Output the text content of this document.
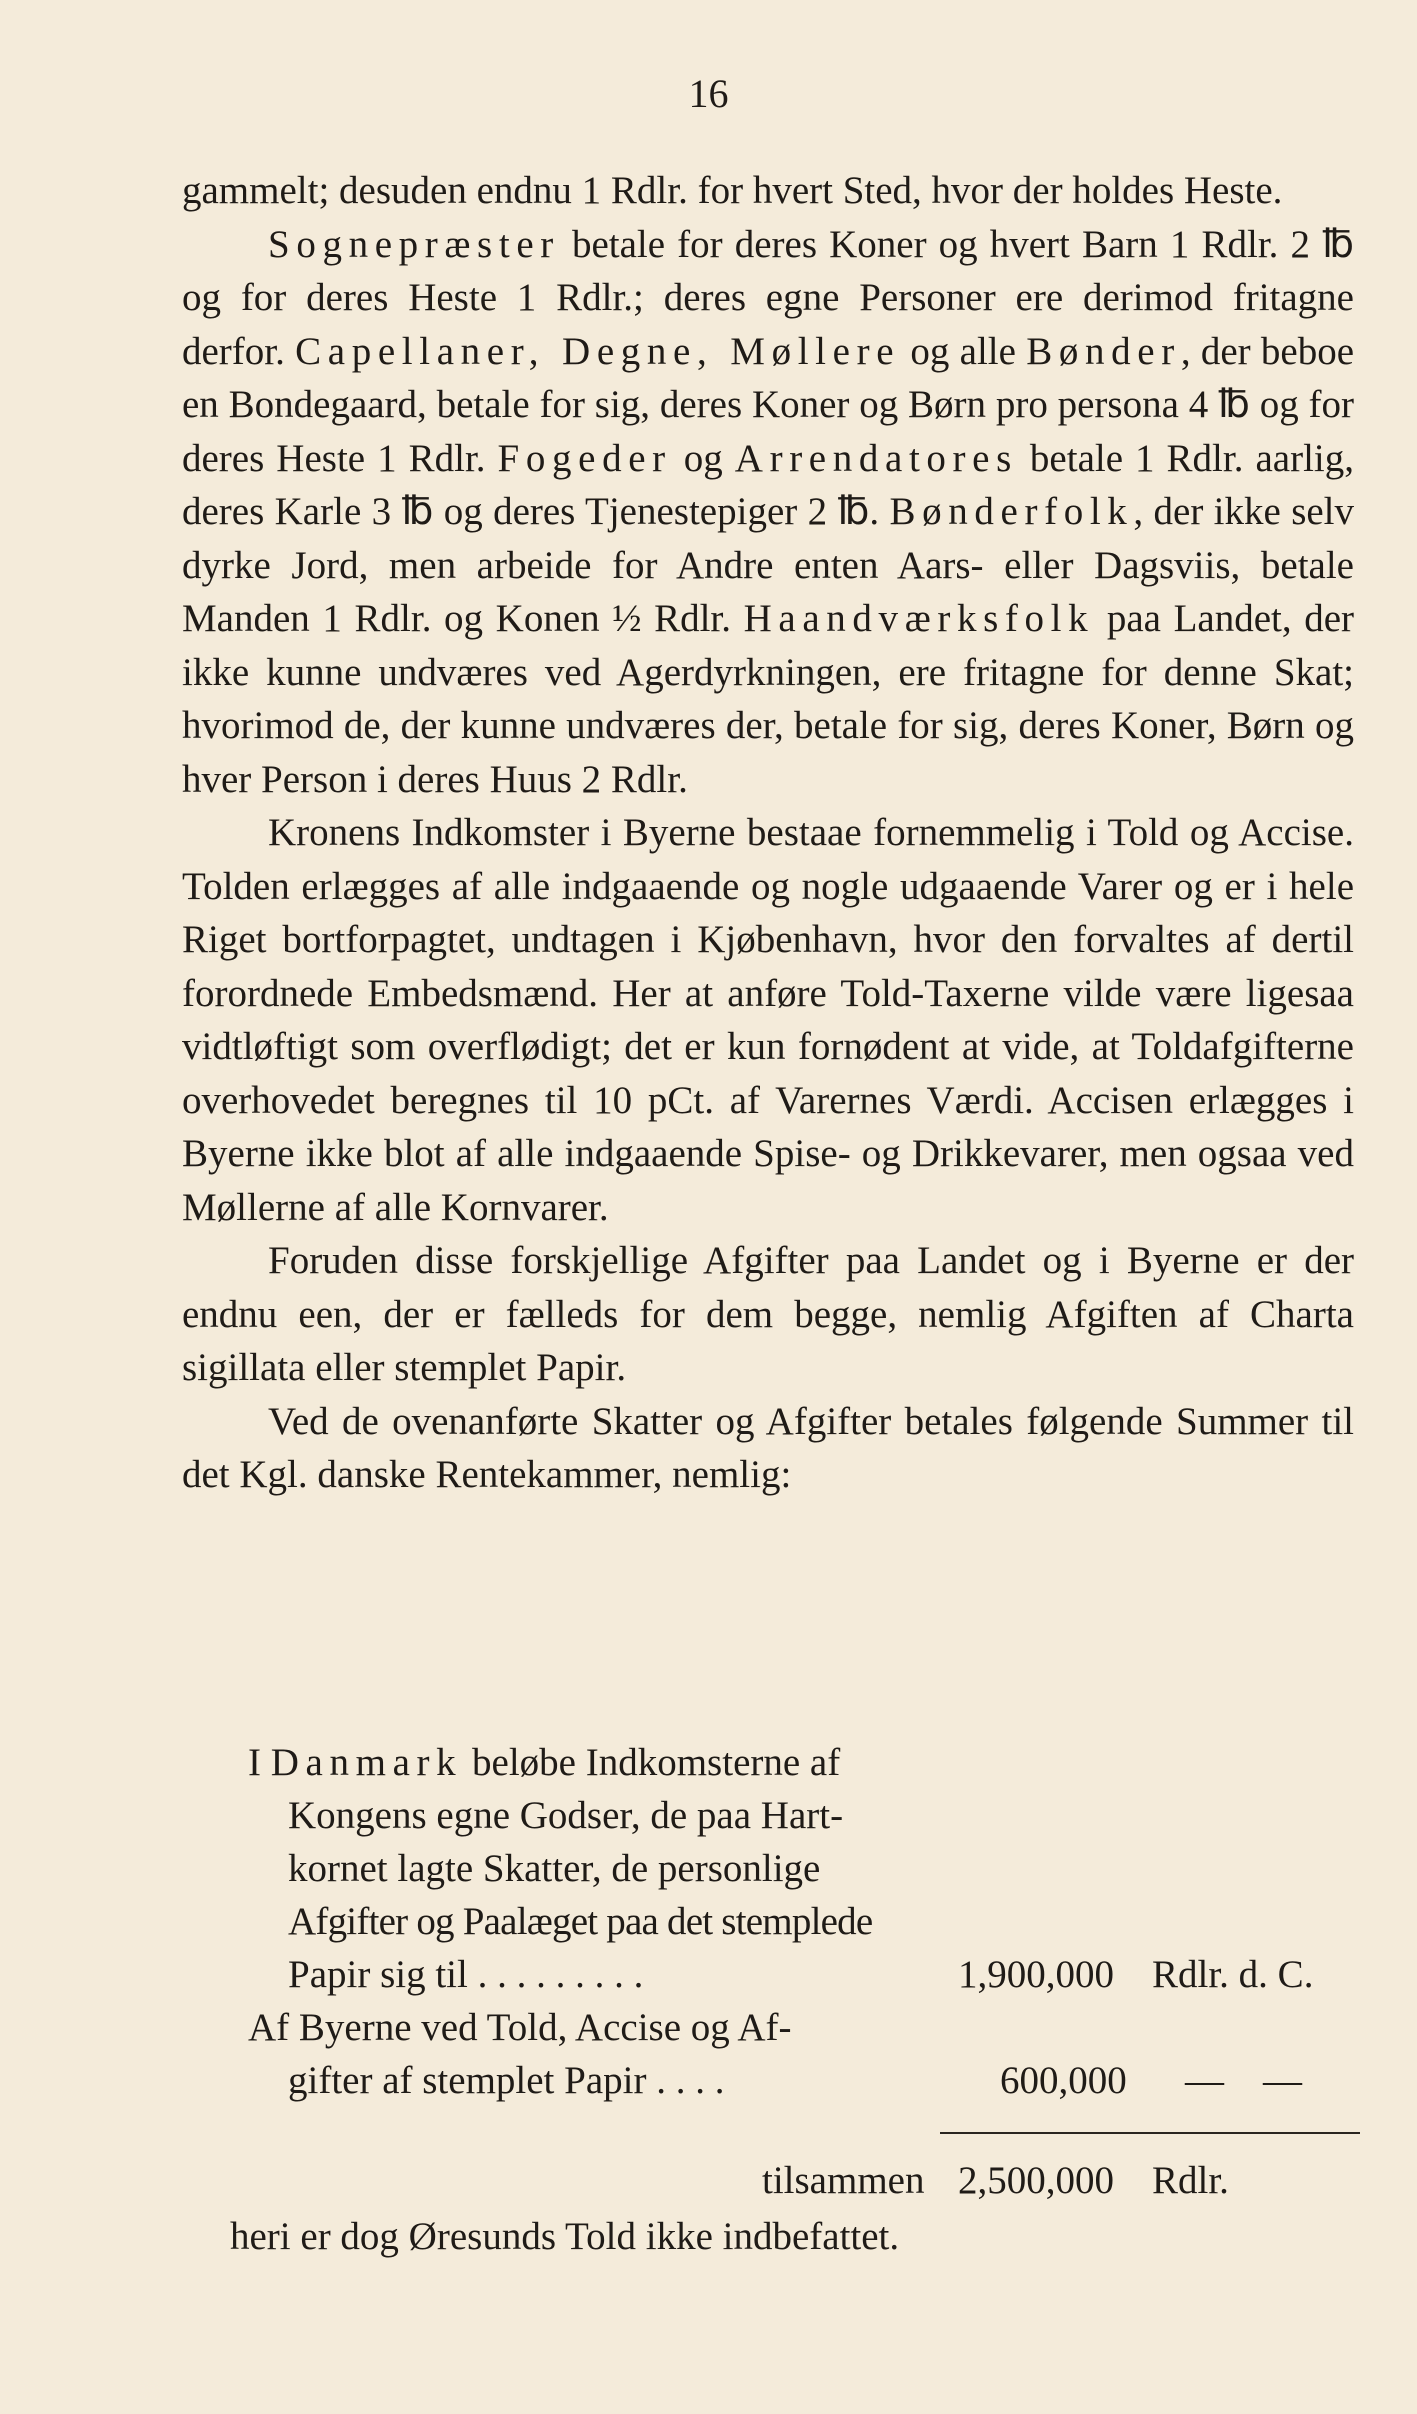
16

gammelt; desuden endnu 1 Rdlr. for hvert Sted, hvor der holdes Heste.

Sognepræster betale for deres Koner og hvert Barn 1 Rdlr. 2 ℔ og for deres Heste 1 Rdlr.; deres egne Personer ere derimod fritagne derfor. Capellaner, Degne, Møllere og alle Bønder, der beboe en Bondegaard, betale for sig, deres Koner og Børn pro persona 4 ℔ og for deres Heste 1 Rdlr. Fogeder og Arrendatores betale 1 Rdlr. aarlig, deres Karle 3 ℔ og deres Tjenestepiger 2 ℔. Bønderfolk, der ikke selv dyrke Jord, men arbeide for Andre enten Aars- eller Dagsviis, betale Manden 1 Rdlr. og Konen ½ Rdlr. Haandværksfolk paa Landet, der ikke kunne undværes ved Agerdyrkningen, ere fritagne for denne Skat; hvorimod de, der kunne undværes der, betale for sig, deres Koner, Børn og hver Person i deres Huus 2 Rdlr.

Kronens Indkomster i Byerne bestaae fornemmelig i Told og Accise. Tolden erlægges af alle indgaaende og nogle udgaaende Varer og er i hele Riget bortforpagtet, undtagen i Kjøbenhavn, hvor den forvaltes af dertil forordnede Embedsmænd. Her at anføre Told-Taxerne vilde være ligesaa vidtløftigt som overflødigt; det er kun fornødent at vide, at Toldafgifterne overhovedet beregnes til 10 pCt. af Varernes Værdi. Accisen erlægges i Byerne ikke blot af alle indgaaende Spise- og Drikkevarer, men ogsaa ved Møllerne af alle Kornvarer.

Foruden disse forskjellige Afgifter paa Landet og i Byerne er der endnu een, der er fælleds for dem begge, nemlig Afgiften af Charta sigillata eller stemplet Papir.

Ved de ovenanførte Skatter og Afgifter betales følgende Summer til det Kgl. danske Rentekammer, nemlig:

I Danmark beløbe Indkomsterne af
Kongens egne Godser, de paa Hart-
kornet lagte Skatter, de personlige
Afgifter og Paalæget paa det stemplede
Papir sig til . . . . . . . . .	1,900,000 Rdlr. d. C.
Af Byerne ved Told, Accise og Af-
gifter af stemplet Papir . . . .	600,000 —    —
tilsammen 2,500,000 Rdlr.
heri er dog Øresunds Told ikke indbefattet.
